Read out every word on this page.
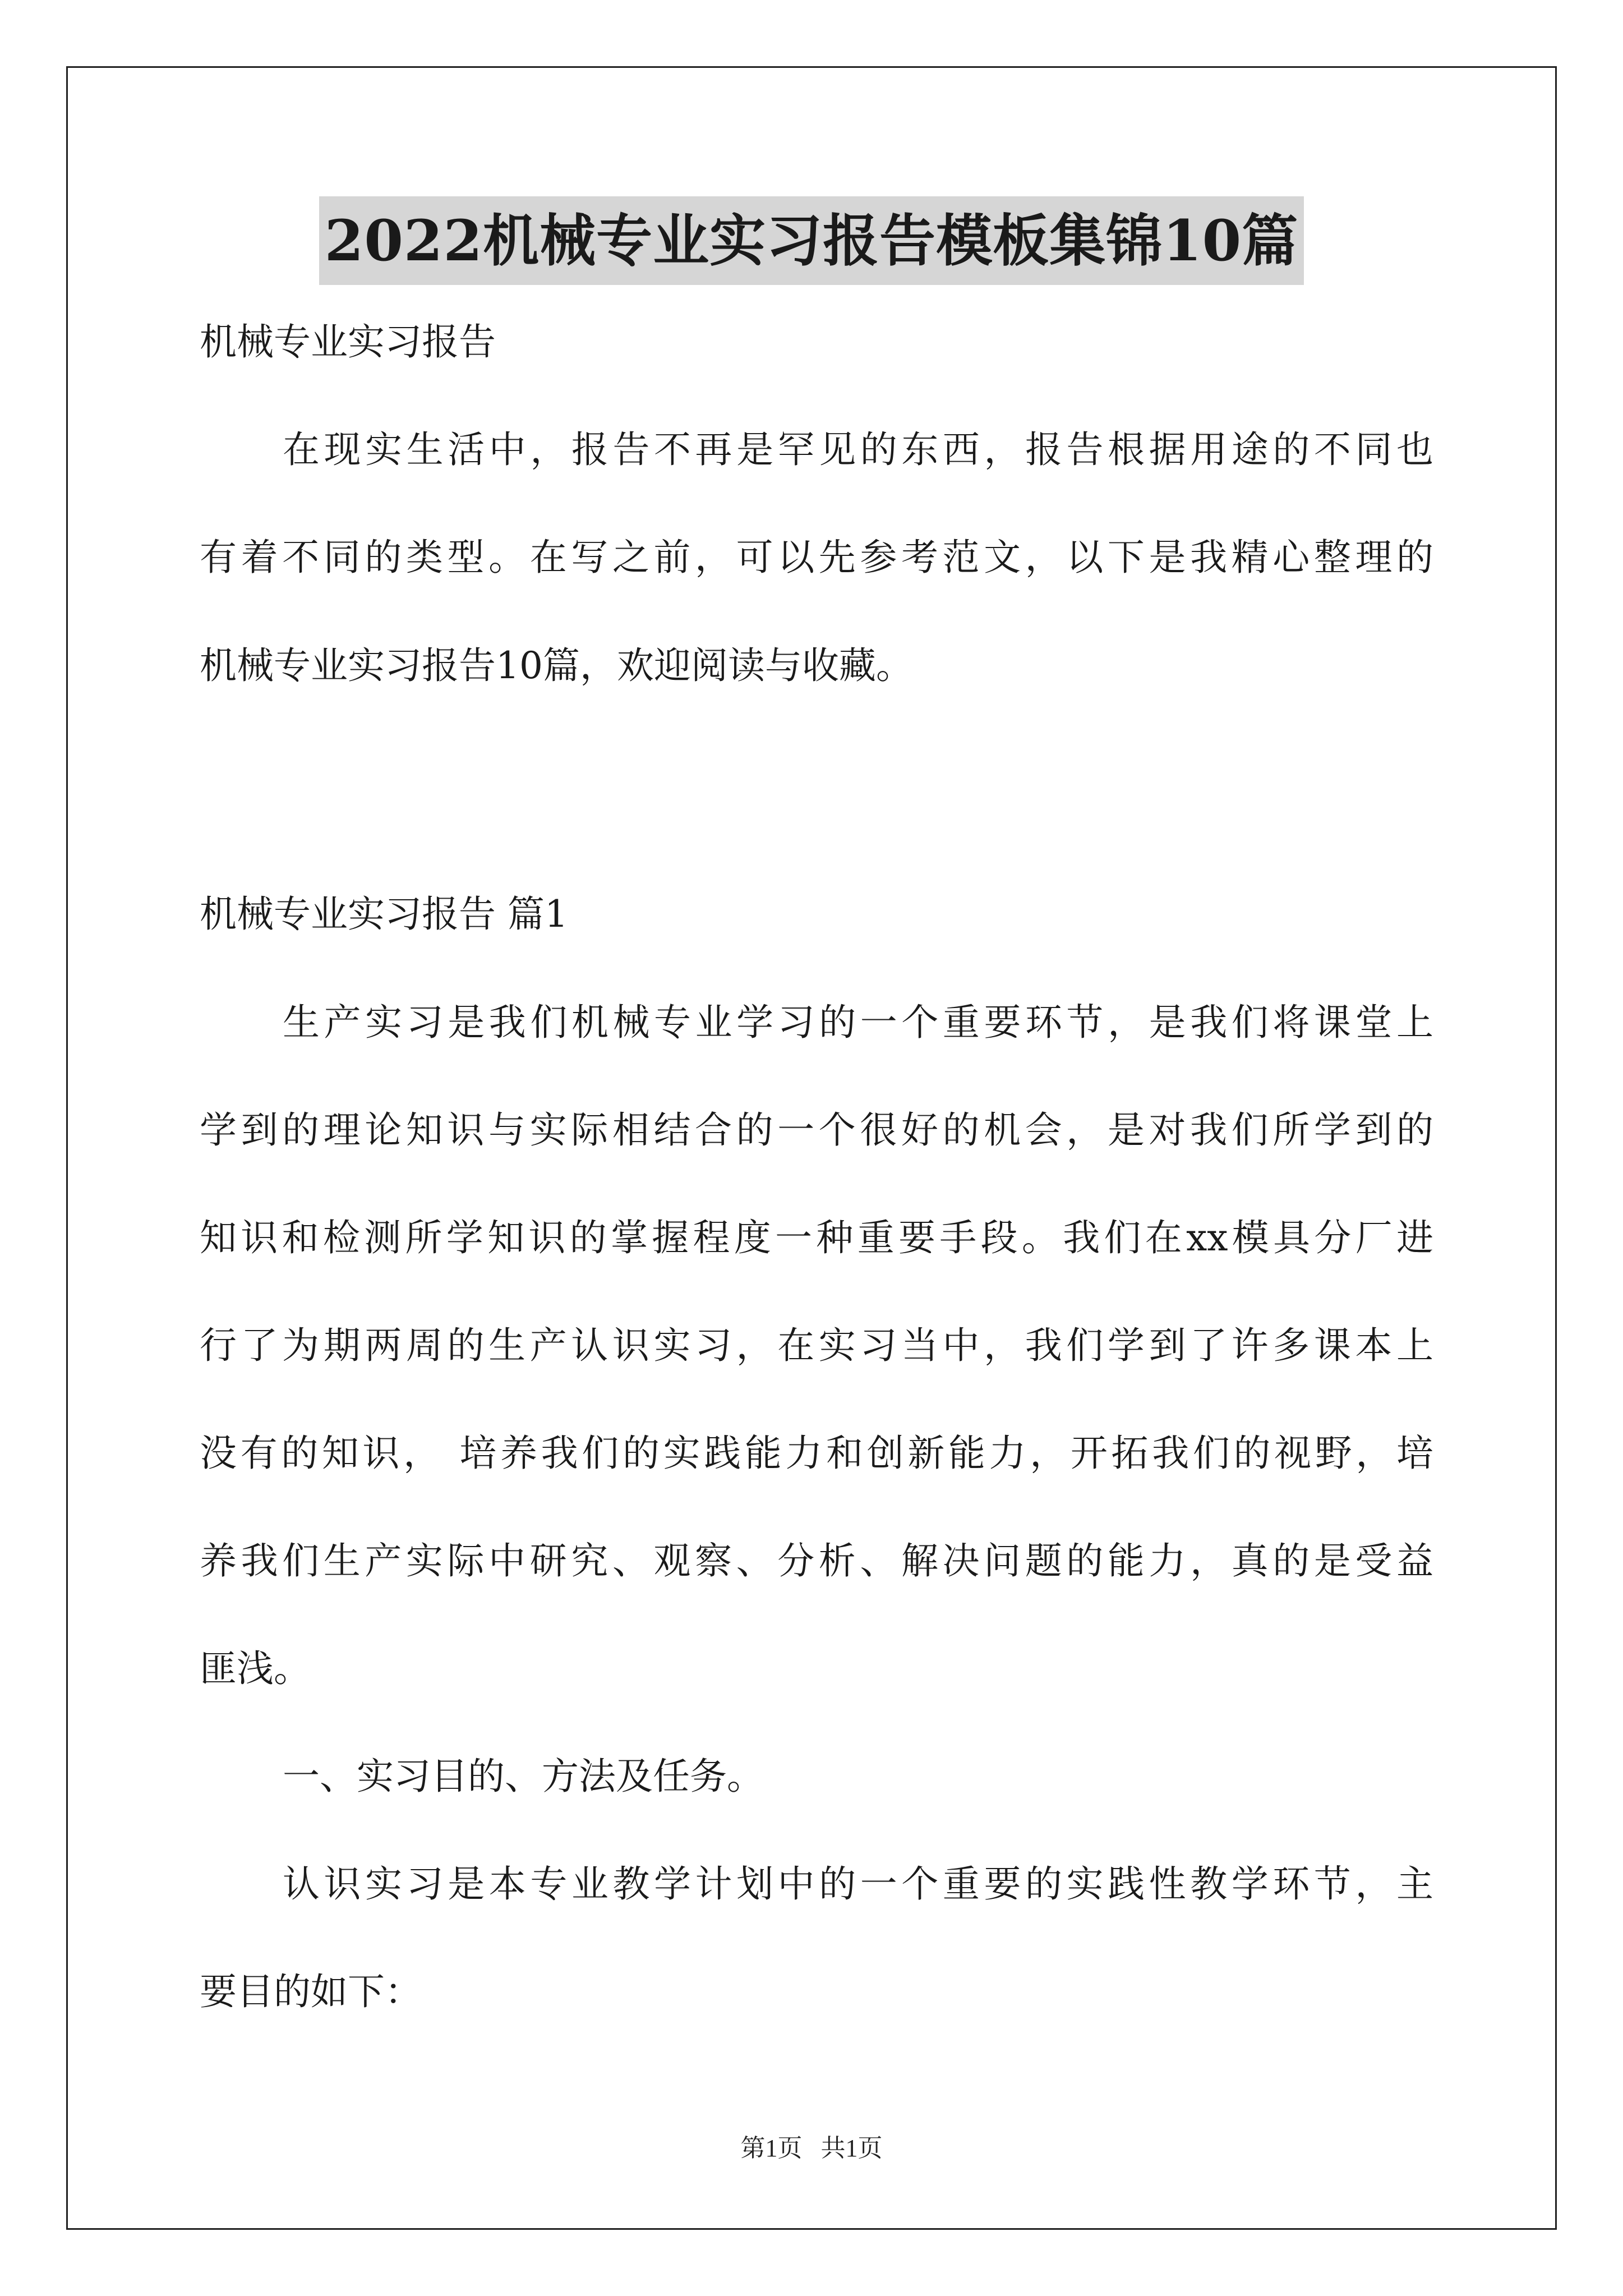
2022机械专业实习报告模板集锦10篇

机械专业实习报告

在现实生活中，报告不再是罕见的东西，报告根据用途的不同也

有着不同的类型。在写之前，可以先参考范文，以下是我精心整理的

机械专业实习报告10篇，欢迎阅读与收藏。

机械专业实习报告 篇1

生产实习是我们机械专业学习的一个重要环节，是我们将课堂上

学到的理论知识与实际相结合的一个很好的机会，是对我们所学到的

知识和检测所学知识的掌握程度一种重要手段。我们在xx模具分厂进

行了为期两周的生产认识实习，在实习当中，我们学到了许多课本上

没有的知识， 培养我们的实践能力和创新能力，开拓我们的视野，培

养我们生产实际中研究、观察、分析、解决问题的能力，真的是受益

匪浅。

一、实习目的、方法及任务。

认识实习是本专业教学计划中的一个重要的实践性教学环节，主

要目的如下：

第1页   共1页
